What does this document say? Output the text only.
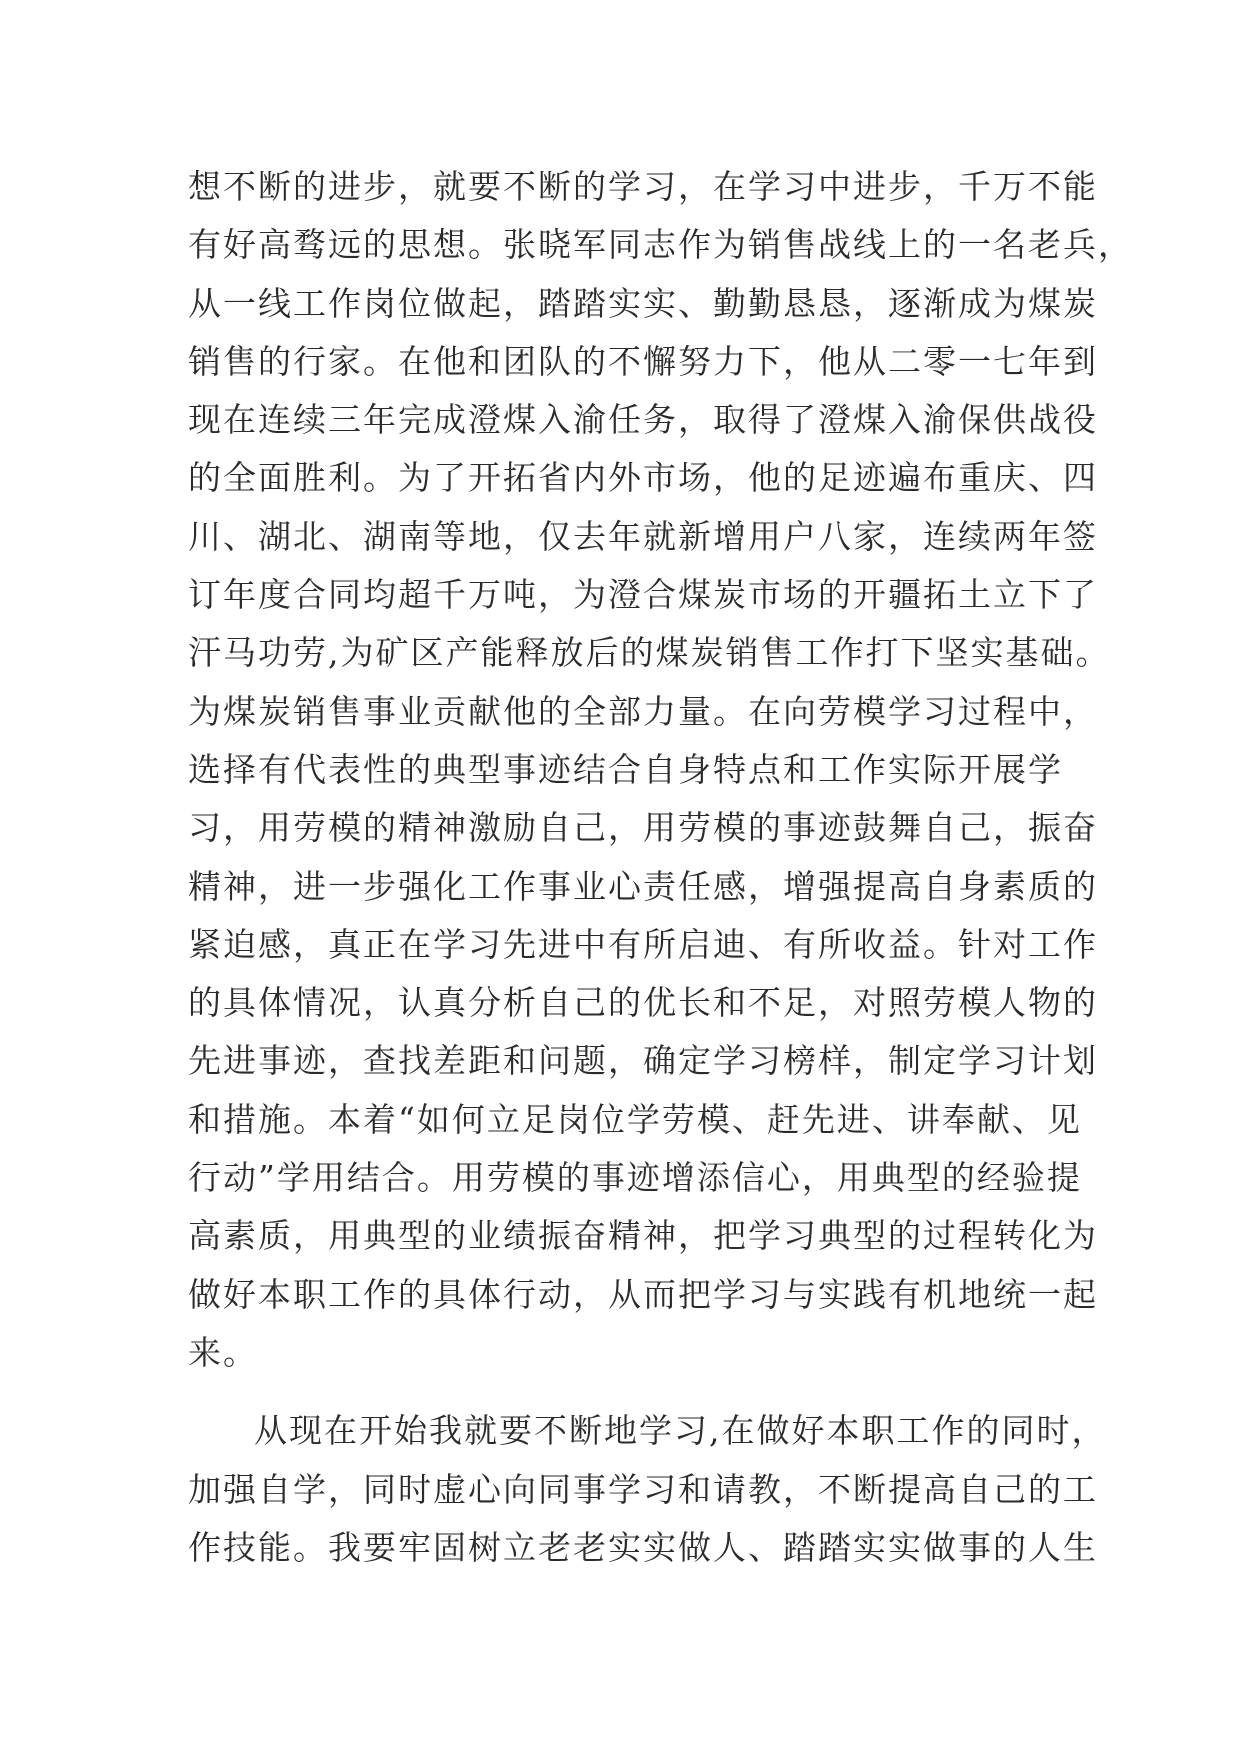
想不断的进步，就要不断的学习，在学习中进步，千万不能
有好高骛远的思想。张晓军同志作为销售战线上的一名老兵，
从一线工作岗位做起，踏踏实实、勤勤恳恳，逐渐成为煤炭
销售的行家。在他和团队的不懈努力下，他从二零一七年到
现在连续三年完成澄煤入渝任务，取得了澄煤入渝保供战役
的全面胜利。为了开拓省内外市场，他的足迹遍布重庆、四
川、湖北、湖南等地，仅去年就新增用户八家，连续两年签
订年度合同均超千万吨，为澄合煤炭市场的开疆拓土立下了
汗马功劳,为矿区产能释放后的煤炭销售工作打下坚实基础。
为煤炭销售事业贡献他的全部力量。在向劳模学习过程中，
选择有代表性的典型事迹结合自身特点和工作实际开展学
习，用劳模的精神激励自己，用劳模的事迹鼓舞自己，振奋
精神，进一步强化工作事业心责任感，增强提高自身素质的
紧迫感，真正在学习先进中有所启迪、有所收益。针对工作
的具体情况，认真分析自己的优长和不足，对照劳模人物的
先进事迹，查找差距和问题，确定学习榜样，制定学习计划
和措施。本着“如何立足岗位学劳模、赶先进、讲奉献、见
行动”学用结合。用劳模的事迹增添信心，用典型的经验提
高素质，用典型的业绩振奋精神，把学习典型的过程转化为
做好本职工作的具体行动，从而把学习与实践有机地统一起
来。
从现在开始我就要不断地学习,在做好本职工作的同时，
加强自学，同时虚心向同事学习和请教，不断提高自己的工
作技能。我要牢固树立老老实实做人、踏踏实实做事的人生
